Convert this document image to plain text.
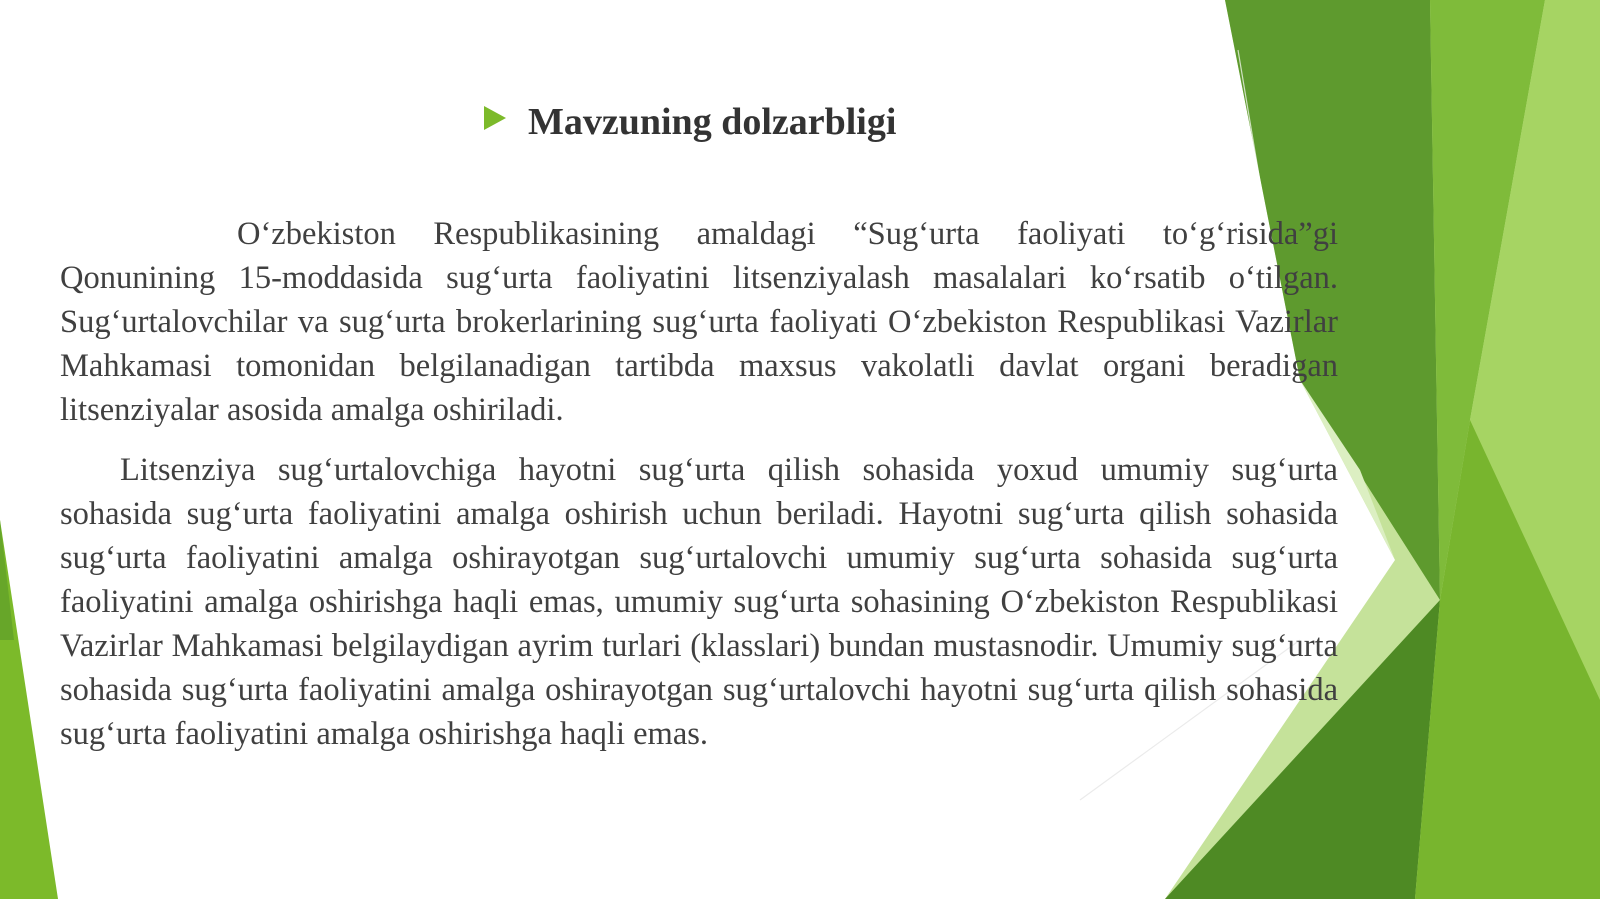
Mavzuning dolzarbligi

O‘zbekiston Respublikasining amaldagi “Sug‘urta faoliyati to‘g‘risida”gi Qonunining 15-moddasida sug‘urta faoliyatini litsenziyalash masalalari ko‘rsatib o‘tilgan. Sug‘urtalovchilar va sug‘urta brokerlarining sug‘urta faoliyati O‘zbekiston Respublikasi Vazirlar Mahkamasi tomonidan belgilanadigan tartibda maxsus vakolatli davlat organi beradigan litsenziyalar asosida amalga oshiriladi.

Litsenziya sug‘urtalovchiga hayotni sug‘urta qilish sohasida yoxud umumiy sug‘urta sohasida sug‘urta faoliyatini amalga oshirish uchun beriladi. Hayotni sug‘urta qilish sohasida sug‘urta faoliyatini amalga oshirayotgan sug‘urtalovchi umumiy sug‘urta sohasida sug‘urta faoliyatini amalga oshirishga haqli emas, umumiy sug‘urta sohasining O‘zbekiston Respublikasi Vazirlar Mahkamasi belgilaydigan ayrim turlari (klasslari) bundan mustasnodir. Umumiy sug‘urta sohasida sug‘urta faoliyatini amalga oshirayotgan sug‘urtalovchi hayotni sug‘urta qilish sohasida sug‘urta faoliyatini amalga oshirishga haqli emas.
